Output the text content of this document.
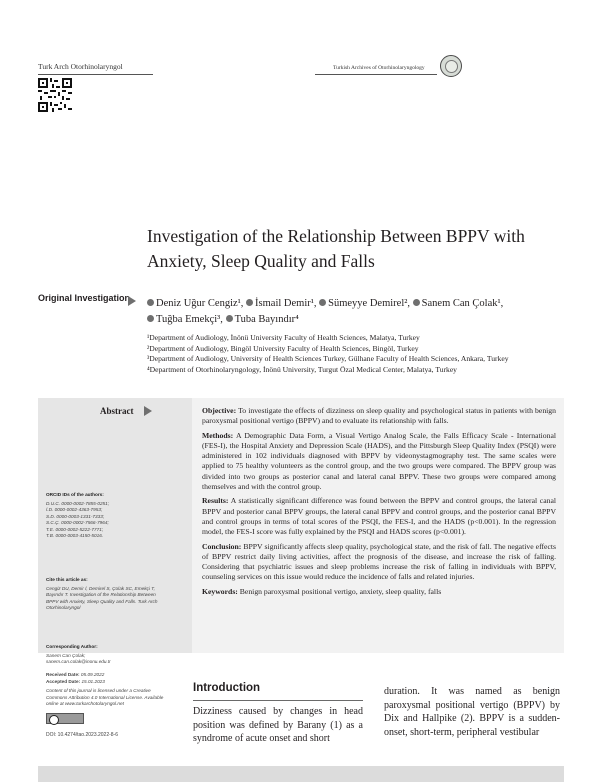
Turk Arch Otorhinolaryngol	Turkish Archives of Otorhinolaryngology
Investigation of the Relationship Between BPPV with Anxiety, Sleep Quality and Falls
Original Investigation	Deniz Uğur Cengiz¹, İsmail Demir¹, Sümeyye Demirel², Sanem Can Çolak¹,
Tuğba Emekçi³, Tuba Bayındır⁴
¹Department of Audiology, İnönü University Faculty of Health Sciences, Malatya, Turkey
²Department of Audiology, Bingöl University Faculty of Health Sciences, Bingöl, Turkey
³Department of Audiology, University of Health Sciences Turkey, Gülhane Faculty of Health Sciences, Ankara, Turkey
⁴Department of Otorhinolaryngology, İnönü University, Turgut Özal Medical Center, Malatya, Turkey
Abstract	Objective: To investigate the effects of dizziness on sleep quality and psychological status in patients with benign paroxysmal positional vertigo (BPPV) and to evaluate its relationship with falls.

Methods: A Demographic Data Form, a Visual Vertigo Analog Scale, the Falls Efficacy Scale - International (FES-I), the Hospital Anxiety and Depression Scale (HADS), and the Pittsburgh Sleep Quality Index (PSQI) were administered in 102 individuals diagnosed with BPPV by videonystagmography test. The same scales were applied to 75 healthy volunteers as the control group, and the two groups were compared. The BPPV group was divided into two groups as posterior canal and lateral canal BPPV. These two groups were compared among themselves and with the control group.

Results: A statistically significant difference was found between the BPPV and control groups, the lateral canal BPPV and posterior canal BPPV groups, the lateral canal BPPV and control groups, and the posterior canal BPPV and control groups in terms of total scores of the PSQI, the FES-I, and the HADS (p<0.001). In the regression model, the FES-I score was fully explained by the PSQI and HADS scores (p<0.001).

Conclusion: BPPV significantly affects sleep quality, psychological state, and the risk of fall. The negative effects of BPPV restrict daily living activities, affect the prognosis of the disease, and increase the risk of falling. Considering that psychiatric issues and sleep problems increase the risk of falling in individuals with BPPV, counseling services on this issue would reduce the incidence of falls and related injuries.

Keywords: Benign paroxysmal positional vertigo, anxiety, sleep quality, falls

ORCID IDs of the authors:
D.U.C. 0000-0002-7855-0251;
İ.D. 0000-0002-4363-7953;
S.D. 0000-0003-1331-7333;
S.C.Ç. 0000-0002-7566-7964;
T.E. 0000-0002-5222-7771;
T.B. 0000-0003-4150-5016.
Cite this article as:
Cengiz DU, Demir İ, Demirel S, Çolak SC, Emekçi T, Bayındır T. Investigation of the Relationship Between BPPV with Anxiety, Sleep Quality and Falls. Turk Arch Otorhinolaryngol
Corresponding Author:
Sanem Can Çolak;
sanem.can.colak@inonu.edu.tr
Received Date: 05.09.2022
Accepted Date: 15.01.2023
Content of this journal is licensed under a Creative Commons Attribution 4.0 International License. Available online at www.turkarchotolaryngol.net
DOI: 10.4274/tao.2023.2022-8-6
Introduction
Dizziness caused by changes in head position was defined by Barany (1) as a syndrome of acute onset and short
duration. It was named as benign paroxysmal positional vertigo (BPPV) by Dix and Hallpike (2). BPPV is a sudden-onset, short-term, peripheral vestibular
